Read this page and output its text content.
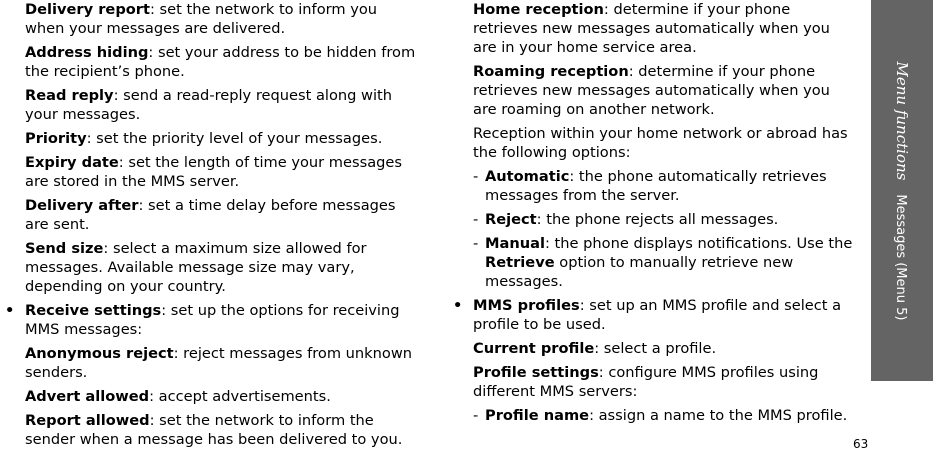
Delivery report: set the network to inform you when your messages are delivered.
Address hiding: set your address to be hidden from the recipient’s phone.
Read reply: send a read-reply request along with your messages.
Priority: set the priority level of your messages.
Expiry date: set the length of time your messages are stored in the MMS server.
Delivery after: set a time delay before messages are sent.
Send size: select a maximum size allowed for messages. Available message size may vary, depending on your country.
• Receive settings: set up the options for receiving MMS messages:
Anonymous reject: reject messages from unknown senders.
Advert allowed: accept advertisements.
Report allowed: set the network to inform the sender when a message has been delivered to you.
Home reception: determine if your phone retrieves new messages automatically when you are in your home service area.
Roaming reception: determine if your phone retrieves new messages automatically when you are roaming on another network.
Reception within your home network or abroad has the following options:
- Automatic: the phone automatically retrieves messages from the server.
- Reject: the phone rejects all messages.
- Manual: the phone displays notifications. Use the Retrieve option to manually retrieve new messages.
• MMS profiles: set up an MMS profile and select a profile to be used.
Current profile: select a profile.
Profile settings: configure MMS profiles using different MMS servers:
- Profile name: assign a name to the MMS profile.
Menu functionsMessages (Menu 5)
63
